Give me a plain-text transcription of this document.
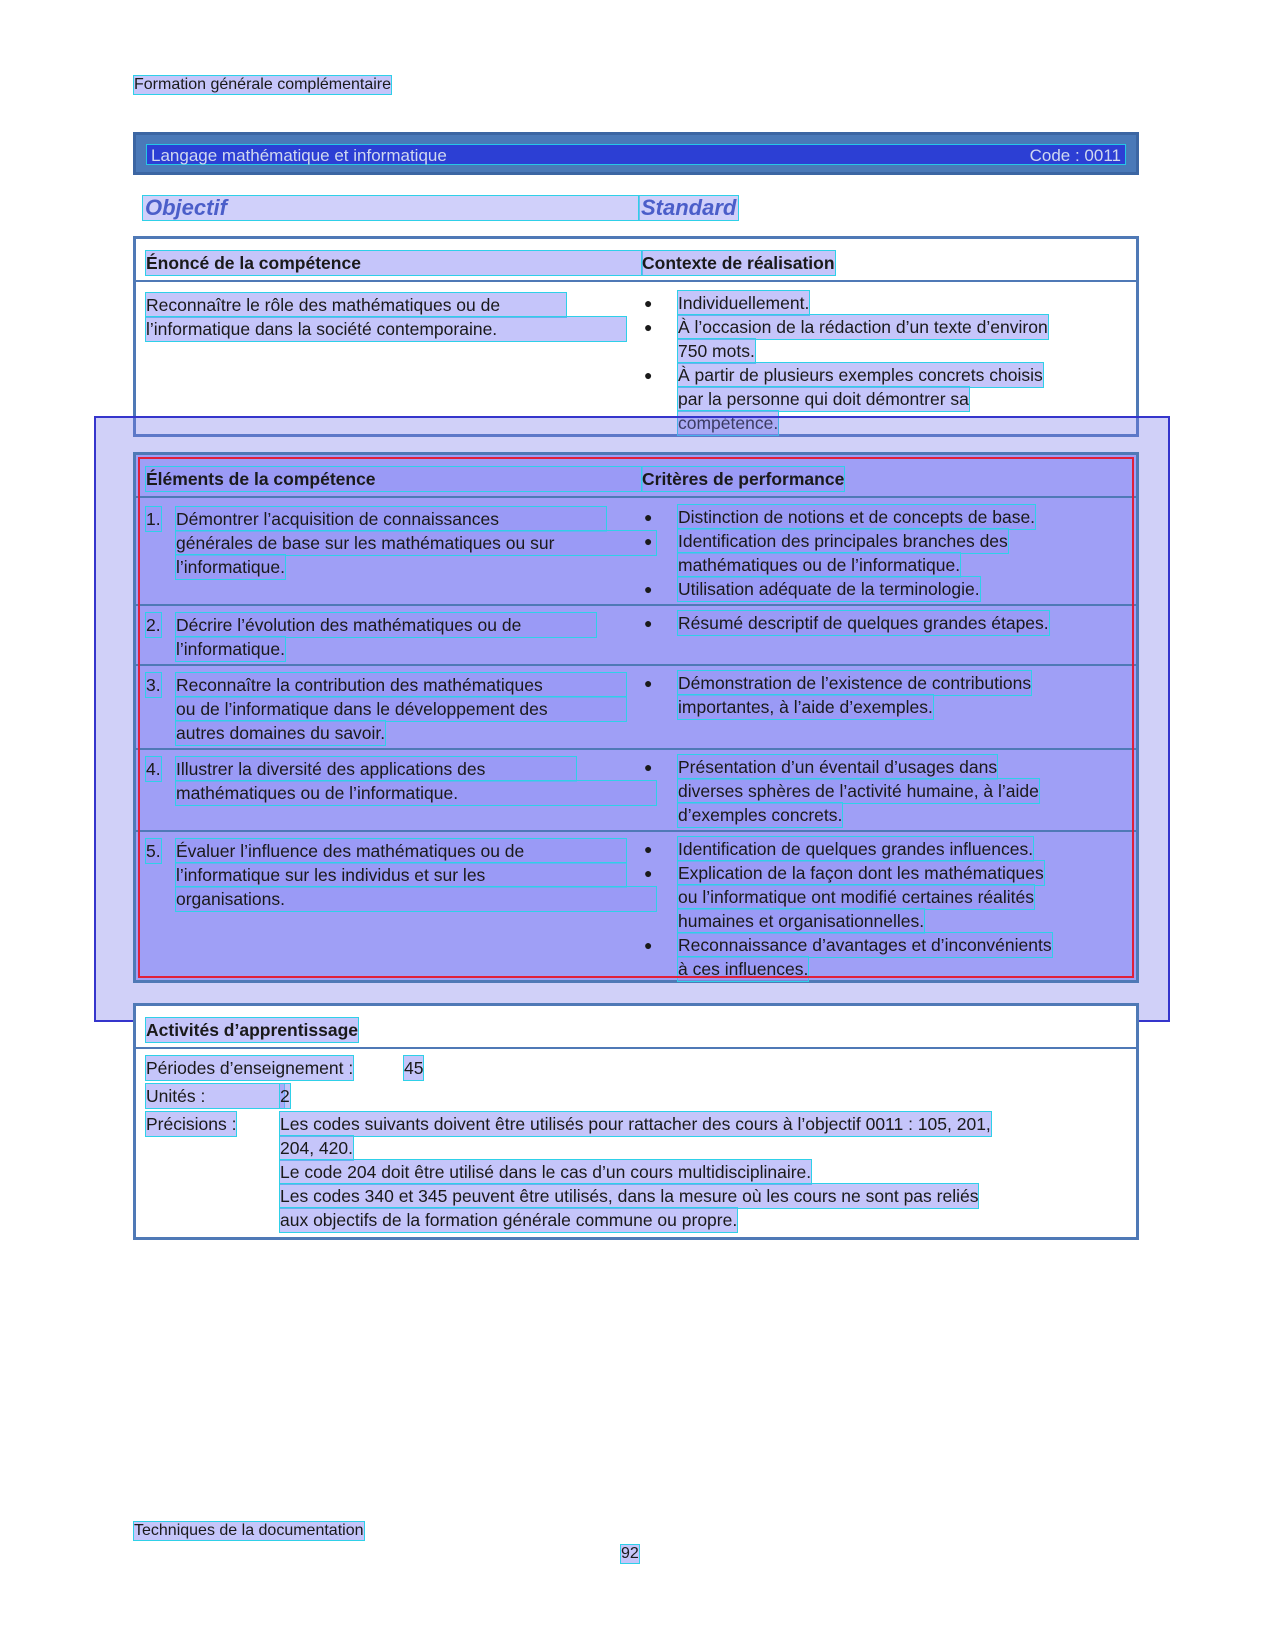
Formation générale complémentaire
Langage mathématique et informatique	Code : 0011
Objectif	Standard
Énoncé de la compétence	Contexte de réalisation
Reconnaître le rôle des mathématiques ou de
l’informatique dans la société contemporaine.
● Individuellement.
● À l’occasion de la rédaction d’un texte d’environ
750 mots.
● À partir de plusieurs exemples concrets choisis
par la personne qui doit démontrer sa
compétence.
Éléments de la compétence	Critères de performance
1. Démontrer l’acquisition de connaissances
générales de base sur les mathématiques ou sur
l’informatique.
● Distinction de notions et de concepts de base.
● Identification des principales branches des
mathématiques ou de l’informatique.
● Utilisation adéquate de la terminologie.
2. Décrire l’évolution des mathématiques ou de
l’informatique.
● Résumé descriptif de quelques grandes étapes.
3. Reconnaître la contribution des mathématiques
ou de l’informatique dans le développement des
autres domaines du savoir.
● Démonstration de l’existence de contributions
importantes, à l’aide d’exemples.
4. Illustrer la diversité des applications des
mathématiques ou de l’informatique.
● Présentation d’un éventail d’usages dans
diverses sphères de l’activité humaine, à l’aide
d’exemples concrets.
5. Évaluer l’influence des mathématiques ou de
l’informatique sur les individus et sur les
organisations.
● Identification de quelques grandes influences.
● Explication de la façon dont les mathématiques
ou l’informatique ont modifié certaines réalités
humaines et organisationnelles.
● Reconnaissance d’avantages et d’inconvénients
à ces influences.
Activités d’apprentissage
Périodes d’enseignement :	45
Unités :	2
Précisions : Les codes suivants doivent être utilisés pour rattacher des cours à l’objectif 0011 : 105, 201,
204, 420.
Le code 204 doit être utilisé dans le cas d’un cours multidisciplinaire.
Les codes 340 et 345 peuvent être utilisés, dans la mesure où les cours ne sont pas reliés
aux objectifs de la formation générale commune ou propre.
Techniques de la documentation
92
